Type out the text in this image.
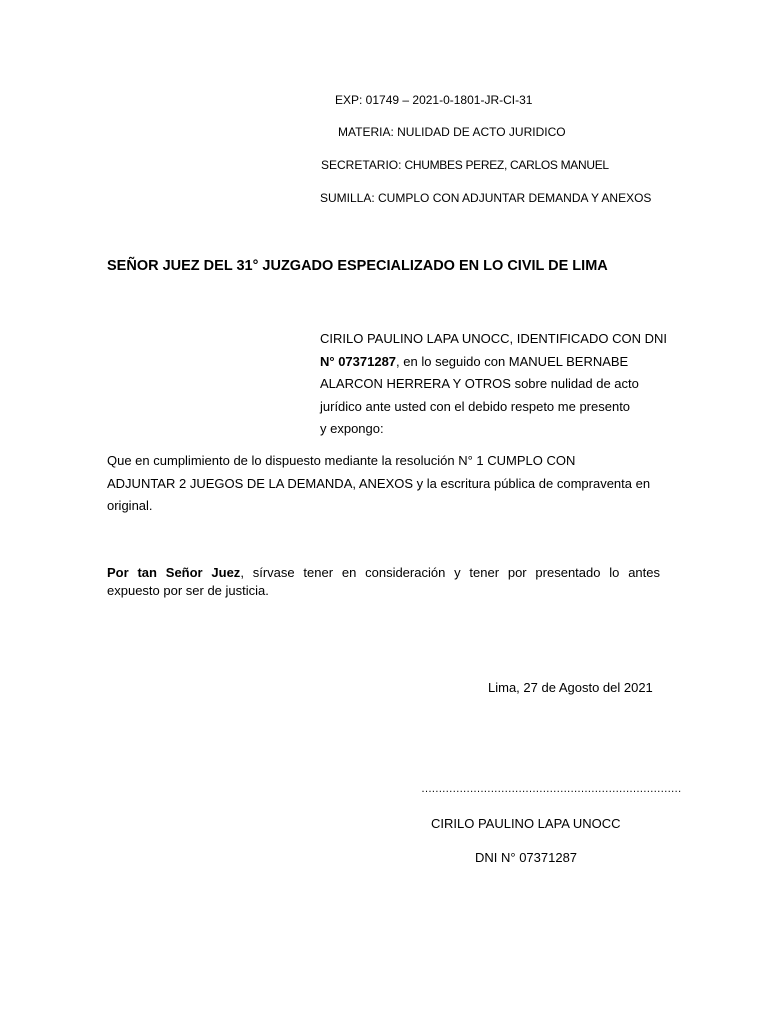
EXP: 01749 – 2021-0-1801-JR-CI-31
MATERIA: NULIDAD DE ACTO JURIDICO
SECRETARIO: CHUMBES PEREZ, CARLOS MANUEL
SUMILLA: CUMPLO CON ADJUNTAR DEMANDA Y ANEXOS
SEÑOR JUEZ DEL 31° JUZGADO ESPECIALIZADO EN LO CIVIL DE LIMA
CIRILO PAULINO LAPA UNOCC, IDENTIFICADO CON DNI
N° 07371287, en lo seguido con MANUEL BERNABE
ALARCON HERRERA Y OTROS sobre nulidad de acto
jurídico ante usted con el debido respeto me presento
y expongo:
Que en cumplimiento de lo dispuesto mediante la resolución N° 1 CUMPLO CON
ADJUNTAR 2 JUEGOS DE LA DEMANDA, ANEXOS y la escritura pública de compraventa en
original.
Por tan Señor Juez, sírvase tener en consideración y tener por presentado lo antes
expuesto por ser de justicia.
Lima, 27 de Agosto del 2021
…………………………………………………………………
CIRILO PAULINO LAPA UNOCC
DNI N° 07371287
